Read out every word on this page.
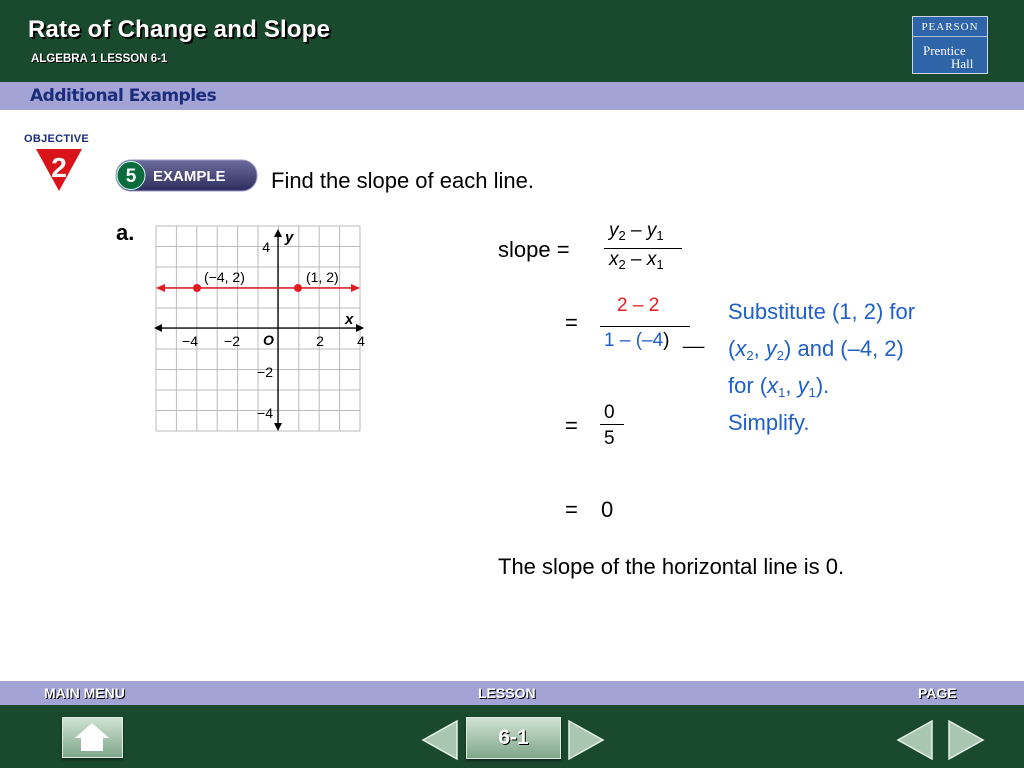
Rate of Change and Slope
ALGEBRA 1 LESSON 6-1
PEARSON
Prentice
Hall
Additional Examples
OBJECTIVE
2	5 EXAMPLE Find the slope of each line.
a.
(−4, 2)	(1, 2)
y
x
O
−4 −2	2 4
4
−2
−4
slope =
$y_2 - y_1$
$x_2 - x_1$
=
2 – 2
1 – (–4) __
=
0
5
= 0
The slope of the horizontal line is 0.
Substitute (1, 2) for
($x_2$, $y_2$) and (–4, 2)
for ($x_1$, $y_1$).
Simplify.
MAIN MENU	LESSON	PAGE
6-1
